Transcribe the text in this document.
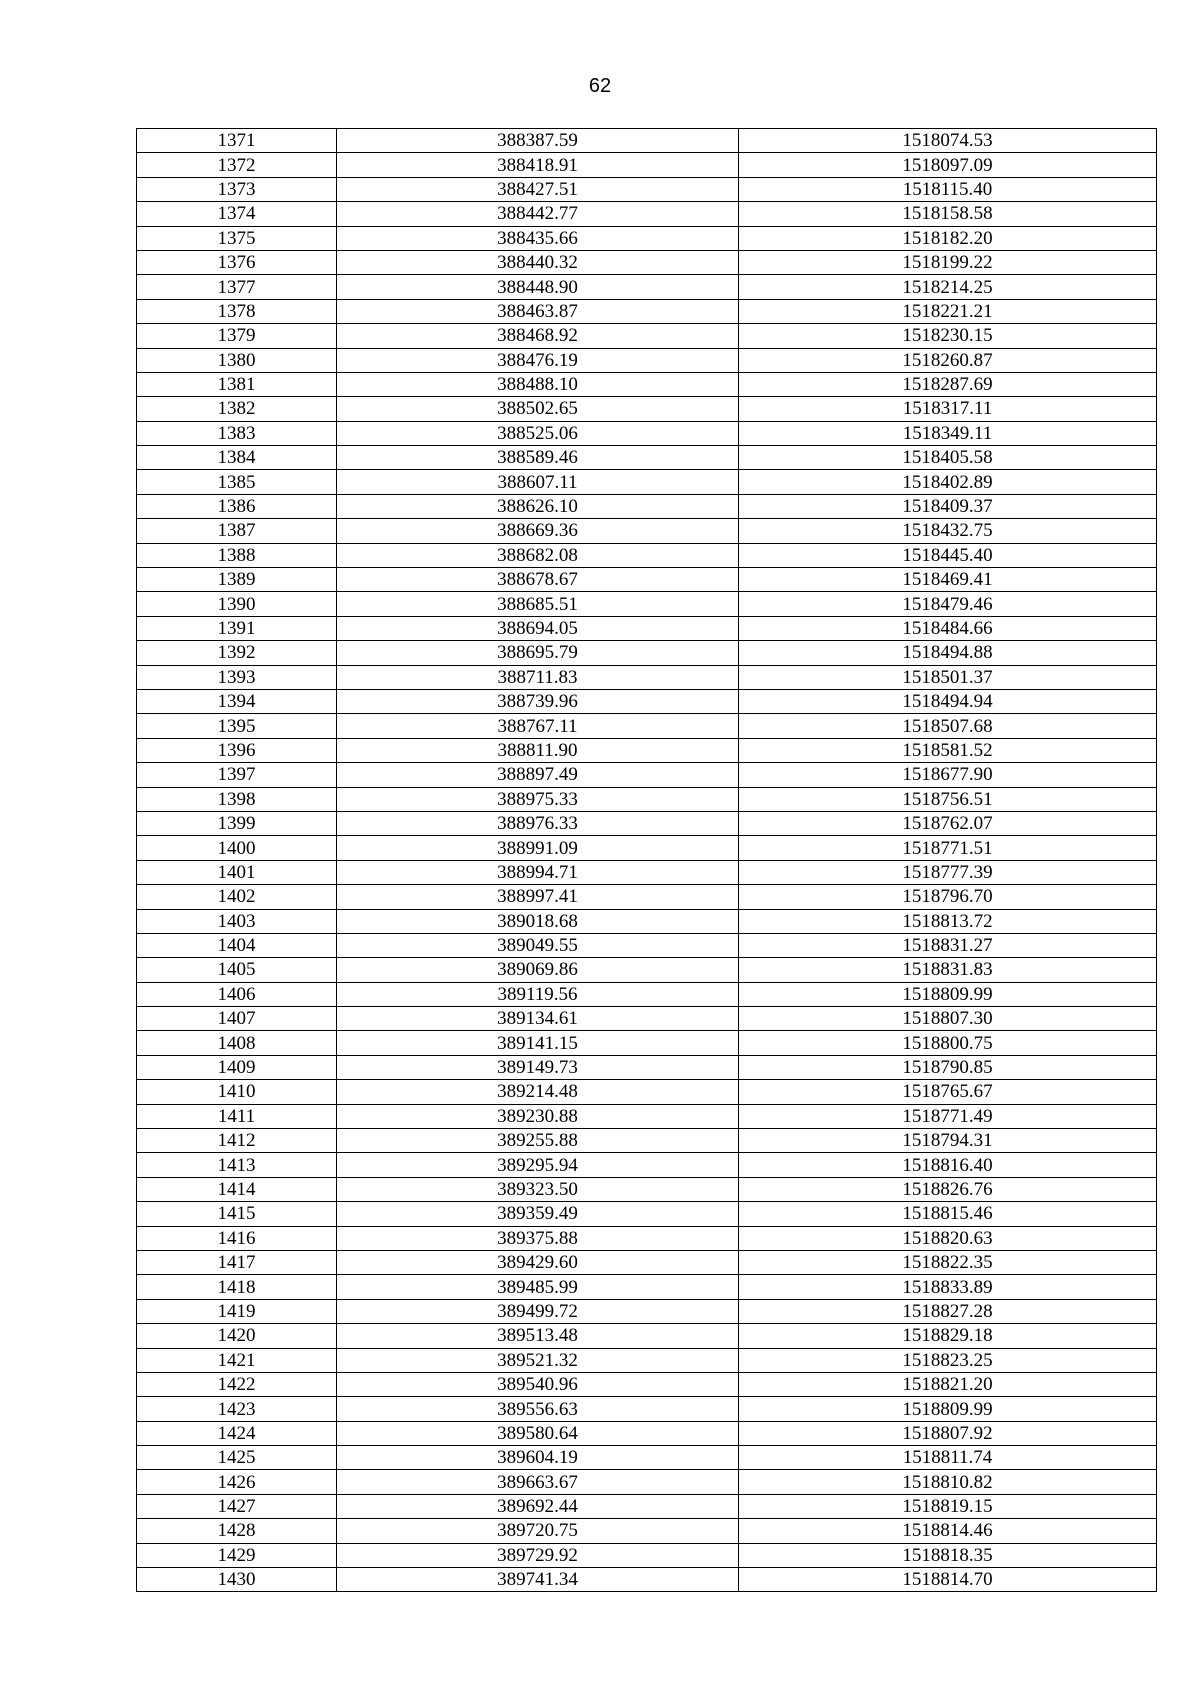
62
1371	388387.59	1518074.53
1372	388418.91	1518097.09
1373	388427.51	1518115.40
1374	388442.77	1518158.58
1375	388435.66	1518182.20
1376	388440.32	1518199.22
1377	388448.90	1518214.25
1378	388463.87	1518221.21
1379	388468.92	1518230.15
1380	388476.19	1518260.87
1381	388488.10	1518287.69
1382	388502.65	1518317.11
1383	388525.06	1518349.11
1384	388589.46	1518405.58
1385	388607.11	1518402.89
1386	388626.10	1518409.37
1387	388669.36	1518432.75
1388	388682.08	1518445.40
1389	388678.67	1518469.41
1390	388685.51	1518479.46
1391	388694.05	1518484.66
1392	388695.79	1518494.88
1393	388711.83	1518501.37
1394	388739.96	1518494.94
1395	388767.11	1518507.68
1396	388811.90	1518581.52
1397	388897.49	1518677.90
1398	388975.33	1518756.51
1399	388976.33	1518762.07
1400	388991.09	1518771.51
1401	388994.71	1518777.39
1402	388997.41	1518796.70
1403	389018.68	1518813.72
1404	389049.55	1518831.27
1405	389069.86	1518831.83
1406	389119.56	1518809.99
1407	389134.61	1518807.30
1408	389141.15	1518800.75
1409	389149.73	1518790.85
1410	389214.48	1518765.67
1411	389230.88	1518771.49
1412	389255.88	1518794.31
1413	389295.94	1518816.40
1414	389323.50	1518826.76
1415	389359.49	1518815.46
1416	389375.88	1518820.63
1417	389429.60	1518822.35
1418	389485.99	1518833.89
1419	389499.72	1518827.28
1420	389513.48	1518829.18
1421	389521.32	1518823.25
1422	389540.96	1518821.20
1423	389556.63	1518809.99
1424	389580.64	1518807.92
1425	389604.19	1518811.74
1426	389663.67	1518810.82
1427	389692.44	1518819.15
1428	389720.75	1518814.46
1429	389729.92	1518818.35
1430	389741.34	1518814.70
